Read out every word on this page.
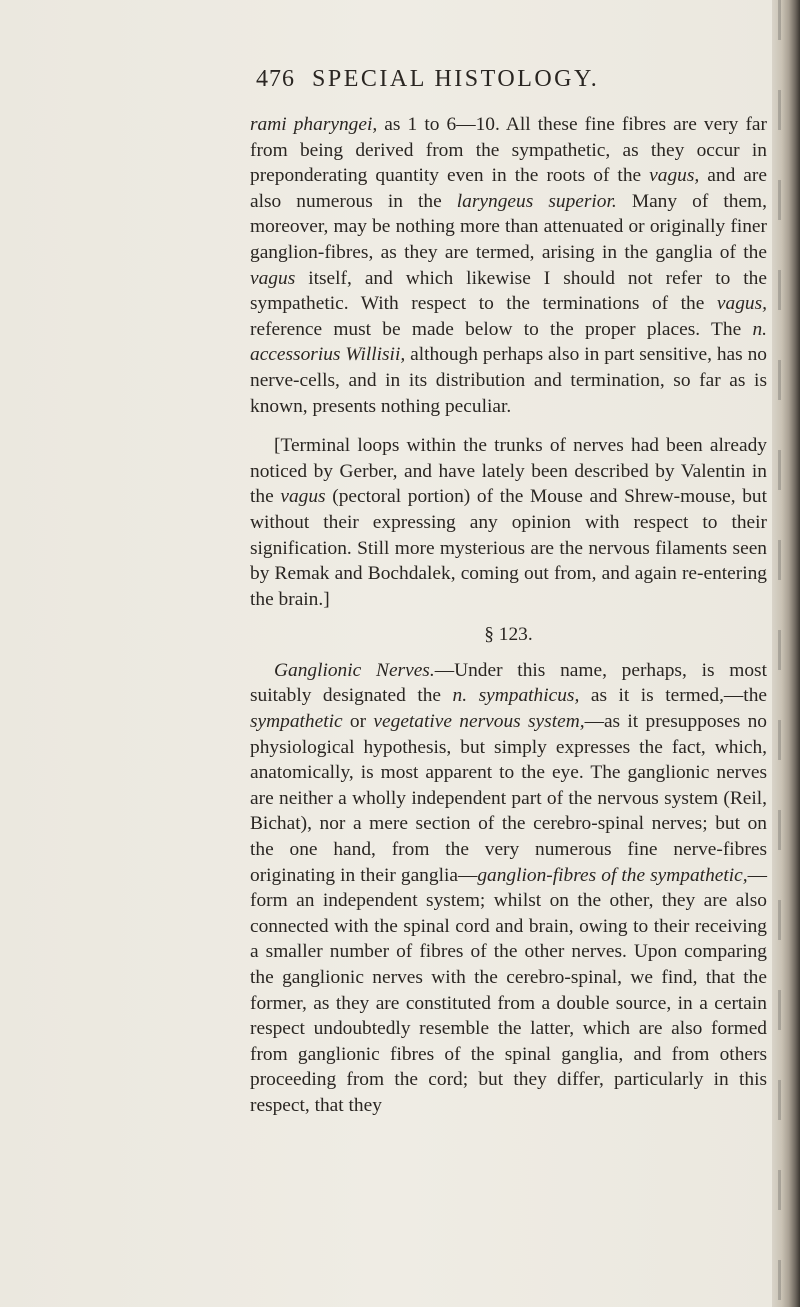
476 SPECIAL HISTOLOGY.

rami pharyngei, as 1 to 6—10. All these fine fibres are very far from being derived from the sympathetic, as they occur in preponderating quantity even in the roots of the vagus, and are also numerous in the laryngeus superior. Many of them, moreover, may be nothing more than attenuated or originally finer ganglion-fibres, as they are termed, arising in the ganglia of the vagus itself, and which likewise I should not refer to the sympathetic. With respect to the terminations of the vagus, reference must be made below to the proper places. The n. accessorius Willisii, although perhaps also in part sensitive, has no nerve-cells, and in its distribution and termination, so far as is known, presents nothing peculiar.

[Terminal loops within the trunks of nerves had been already noticed by Gerber, and have lately been described by Valentin in the vagus (pectoral portion) of the Mouse and Shrew-mouse, but without their expressing any opinion with respect to their signification. Still more mysterious are the nervous filaments seen by Remak and Bochdalek, coming out from, and again re-entering the brain.]

§ 123.

Ganglionic Nerves.—Under this name, perhaps, is most suitably designated the n. sympathicus, as it is termed,—the sympathetic or vegetative nervous system,—as it presupposes no physiological hypothesis, but simply expresses the fact, which, anatomically, is most apparent to the eye. The ganglionic nerves are neither a wholly independent part of the nervous system (Reil, Bichat), nor a mere section of the cerebro-spinal nerves; but on the one hand, from the very numerous fine nerve-fibres originating in their ganglia—ganglion-fibres of the sympathetic,—form an independent system; whilst on the other, they are also connected with the spinal cord and brain, owing to their receiving a smaller number of fibres of the other nerves. Upon comparing the ganglionic nerves with the cerebro-spinal, we find, that the former, as they are constituted from a double source, in a certain respect undoubtedly resemble the latter, which are also formed from ganglionic fibres of the spinal ganglia, and from others proceeding from the cord; but they differ, particularly in this respect, that they
